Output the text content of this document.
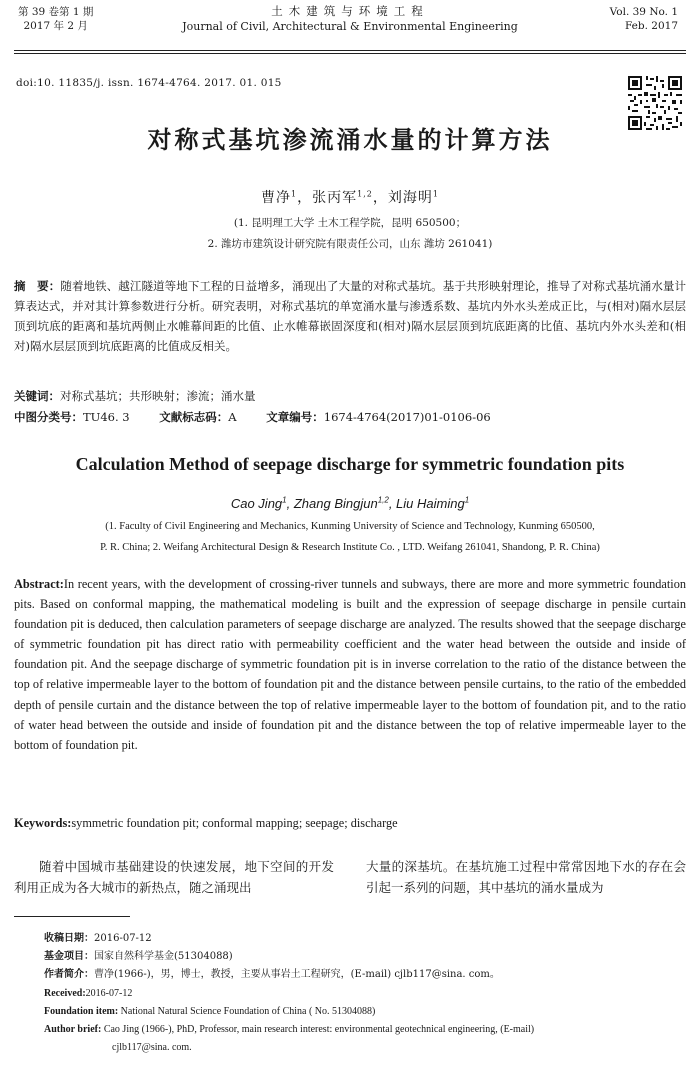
第 39 卷第 1 期
2017 年 2 月
土木建筑与环境工程
Journal of Civil, Architectural & Environmental Engineering
Vol. 39 No. 1
Feb. 2017
doi:10. 11835/j. issn. 1674-4764. 2017. 01. 015
对称式基坑渗流涌水量的计算方法
曹净$^1$，张丙军$^{1,2}$，刘海明$^1$
(1. 昆明理工大学 土木工程学院，昆明 650500；
2. 潍坊市建筑设计研究院有限责任公司，山东 潍坊 261041)
摘　要：随着地铁、越江隧道等地下工程的日益增多，涌现出了大量的对称式基坑。基于共形映射理论，推导了对称式基坑涌水量计算表达式，并对其计算参数进行分析。研究表明，对称式基坑的单宽涌水量与渗透系数、基坑内外水头差成正比，与(相对)隔水层层顶到坑底的距离和基坑两侧止水帷幕间距的比值、止水帷幕嵌固深度和(相对)隔水层层顶到坑底距离的比值、基坑内外水头差和(相对)隔水层层顶到坑底距离的比值成反相关。
关键词：对称式基坑；共形映射；渗流；涌水量
中图分类号：TU46. 3	文献标志码：A	文章编号：1674-4764(2017)01-0106-06
Calculation Method of seepage discharge for symmetric foundation pits
Cao Jing$^1$, Zhang Bingjun$^{1,2}$, Liu Haiming$^1$
(1. Faculty of Civil Engineering and Mechanics, Kunming University of Science and Technology, Kunming 650500,
P. R. China; 2. Weifang Architectural Design & Research Institute Co. , LTD. Weifang 261041, Shandong, P. R. China)
Abstract:In recent years, with the development of crossing-river tunnels and subways, there are more and more symmetric foundation pits. Based on conformal mapping, the mathematical modeling is built and the expression of seepage discharge in pensile curtain foundation pit is deduced, then calculation parameters of seepage discharge are analyzed. The results showed that the seepage discharge of symmetric foundation pit has direct ratio with permeability coefficient and the water head between the outside and inside of foundation pit. And the seepage discharge of symmetric foundation pit is in inverse correlation to the ratio of the distance between the top of relative impermeable layer to the bottom of foundation pit and the distance between pensile curtains, to the ratio of the embedded depth of pensile curtain and the distance between the top of relative impermeable layer to the bottom of foundation pit, and to the ratio of water head between the outside and inside of foundation pit and the distance between the top of relative impermeable layer to the bottom of foundation pit.
Keywords:symmetric foundation pit; conformal mapping; seepage; discharge
随着中国城市基础建设的快速发展，地下空间的开发利用正成为各大城市的新热点，随之涌现出
大量的深基坑。在基坑施工过程中常常因地下水的存在会引起一系列的问题，其中基坑的涌水量成为
收稿日期：2016-07-12
基金项目：国家自然科学基金(51304088)
作者简介：曹净(1966-)，男，博士，教授，主要从事岩土工程研究，(E-mail) cjlb117@sina. com。
Received:2016-07-12
Foundation item: National Natural Science Foundation of China ( No. 51304088)
Author brief: Cao Jing (1966-), PhD, Professor, main research interest: environmental geotechnical engineering, (E-mail)
cjlb117@sina. com.
